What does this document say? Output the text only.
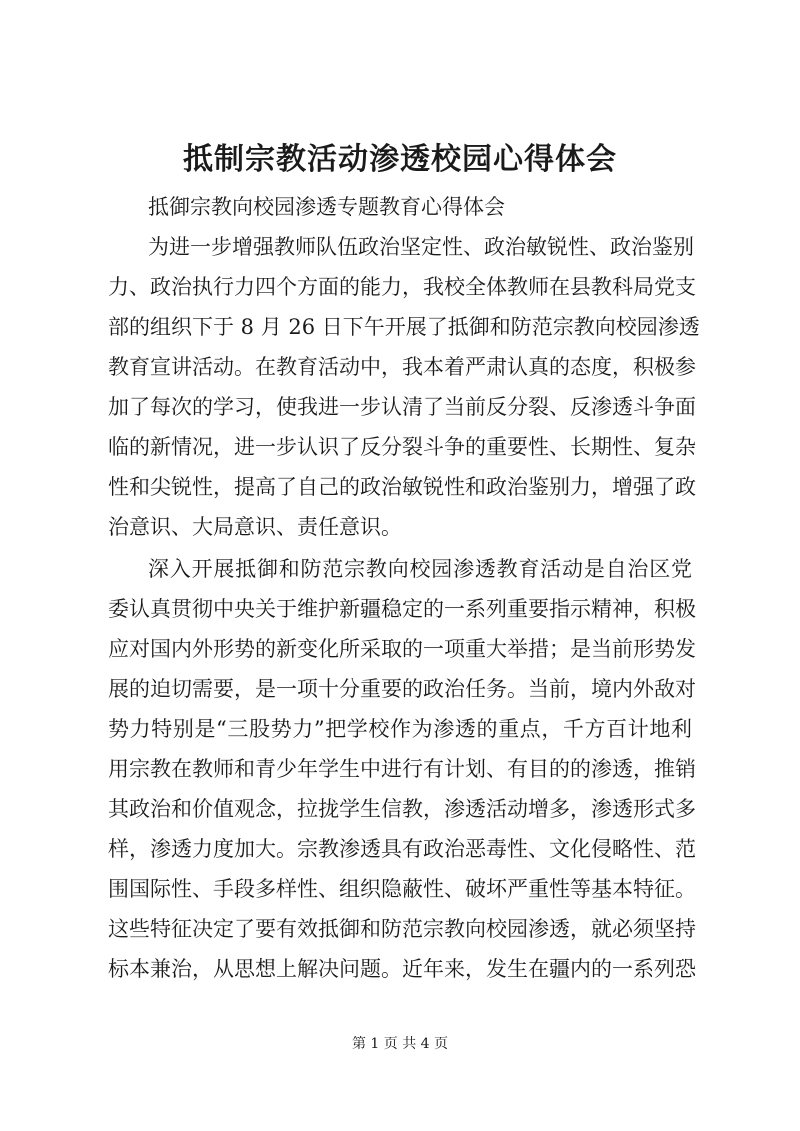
抵制宗教活动渗透校园心得体会
抵御宗教向校园渗透专题教育心得体会
为进一步增强教师队伍政治坚定性、政治敏锐性、政治鉴别
力、政治执行力四个方面的能力，我校全体教师在县教科局党支
部的组织下于 8 月 26 日下午开展了抵御和防范宗教向校园渗透
教育宣讲活动。在教育活动中，我本着严肃认真的态度，积极参
加了每次的学习，使我进一步认清了当前反分裂、反渗透斗争面
临的新情况，进一步认识了反分裂斗争的重要性、长期性、复杂
性和尖锐性，提高了自己的政治敏锐性和政治鉴别力，增强了政
治意识、大局意识、责任意识。
深入开展抵御和防范宗教向校园渗透教育活动是自治区党
委认真贯彻中央关于维护新疆稳定的一系列重要指示精神，积极
应对国内外形势的新变化所采取的一项重大举措；是当前形势发
展的迫切需要，是一项十分重要的政治任务。当前，境内外敌对
势力特别是“三股势力”把学校作为渗透的重点，千方百计地利
用宗教在教师和青少年学生中进行有计划、有目的的渗透，推销
其政治和价值观念，拉拢学生信教，渗透活动增多，渗透形式多
样，渗透力度加大。宗教渗透具有政治恶毒性、文化侵略性、范
围国际性、手段多样性、组织隐蔽性、破坏严重性等基本特征。
这些特征决定了要有效抵御和防范宗教向校园渗透，就必须坚持
标本兼治，从思想上解决问题。近年来，发生在疆内的一系列恐
第 1 页 共 4 页
